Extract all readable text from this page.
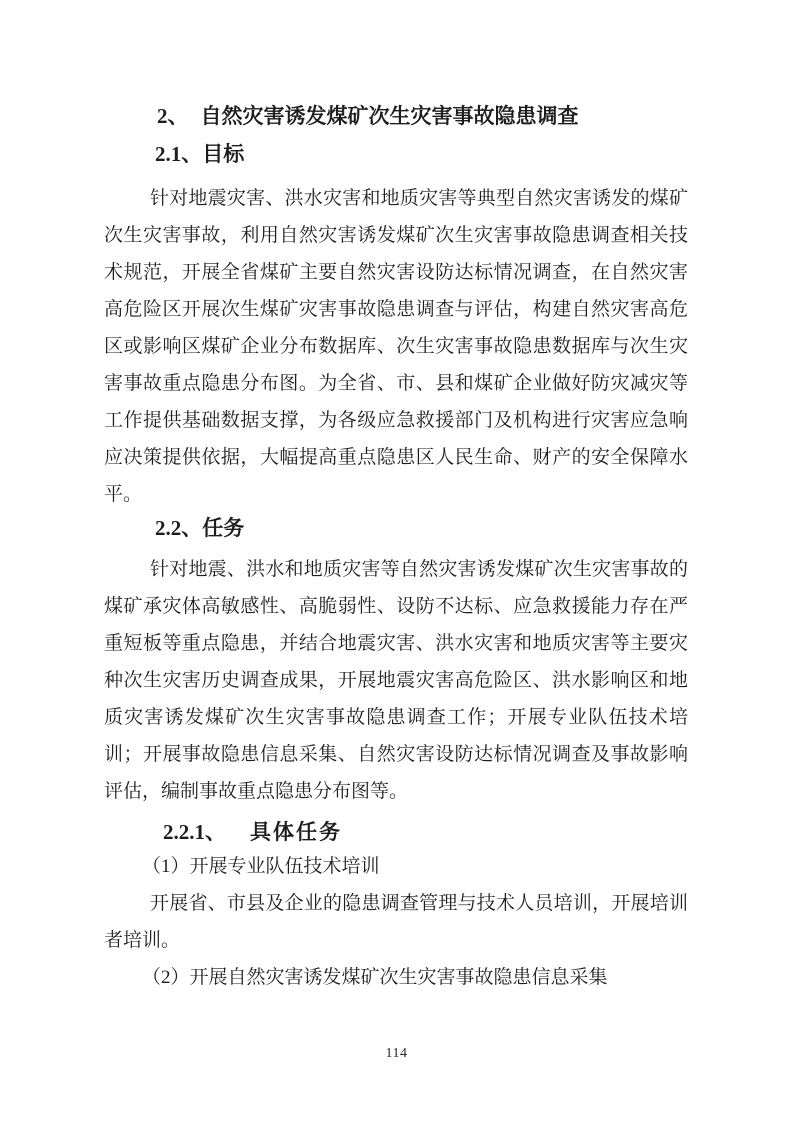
2、 自然灾害诱发煤矿次生灾害事故隐患调查
2.1、目标

针对地震灾害、洪水灾害和地质灾害等典型自然灾害诱发的煤矿次生灾害事故，利用自然灾害诱发煤矿次生灾害事故隐患调查相关技术规范，开展全省煤矿主要自然灾害设防达标情况调查，在自然灾害高危险区开展次生煤矿灾害事故隐患调查与评估，构建自然灾害高危区或影响区煤矿企业分布数据库、次生灾害事故隐患数据库与次生灾害事故重点隐患分布图。为全省、市、县和煤矿企业做好防灾减灾等工作提供基础数据支撑，为各级应急救援部门及机构进行灾害应急响应决策提供依据，大幅提高重点隐患区人民生命、财产的安全保障水平。

2.2、任务

针对地震、洪水和地质灾害等自然灾害诱发煤矿次生灾害事故的煤矿承灾体高敏感性、高脆弱性、设防不达标、应急救援能力存在严重短板等重点隐患，并结合地震灾害、洪水灾害和地质灾害等主要灾种次生灾害历史调查成果，开展地震灾害高危险区、洪水影响区和地质灾害诱发煤矿次生灾害事故隐患调查工作；开展专业队伍技术培训；开展事故隐患信息采集、自然灾害设防达标情况调查及事故影响评估，编制事故重点隐患分布图等。

2.2.1、 具体任务

（1）开展专业队伍技术培训

开展省、市县及企业的隐患调查管理与技术人员培训，开展培训者培训。

（2）开展自然灾害诱发煤矿次生灾害事故隐患信息采集

114
